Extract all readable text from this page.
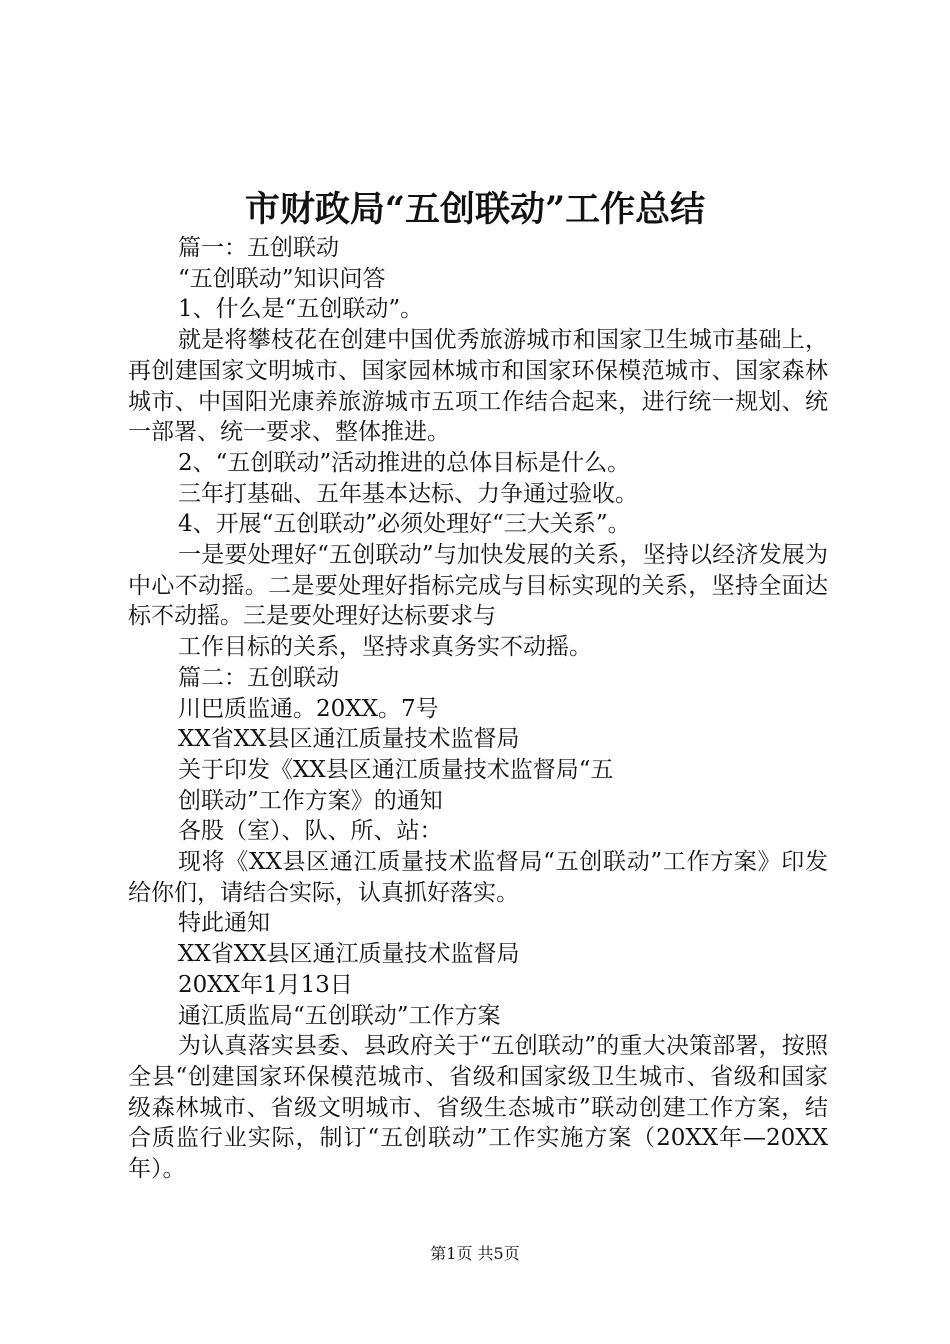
市财政局“五创联动”工作总结

篇一：五创联动

“五创联动”知识问答

1、什么是“五创联动”。

就是将攀枝花在创建中国优秀旅游城市和国家卫生城市基础上，再创建国家文明城市、国家园林城市和国家环保模范城市、国家森林城市、中国阳光康养旅游城市五项工作结合起来，进行统一规划、统一部署、统一要求、整体推进。

2、“五创联动”活动推进的总体目标是什么。

三年打基础、五年基本达标、力争通过验收。

4、开展“五创联动”必须处理好“三大关系”。

一是要处理好“五创联动”与加快发展的关系，坚持以经济发展为中心不动摇。二是要处理好指标完成与目标实现的关系，坚持全面达标不动摇。三是要处理好达标要求与

工作目标的关系，坚持求真务实不动摇。

篇二：五创联动

川巴质监通。20XX。7号

XX省XX县区通江质量技术监督局

关于印发《XX县区通江质量技术监督局“五

创联动”工作方案》的通知

各股（室）、队、所、站：

现将《XX县区通江质量技术监督局“五创联动”工作方案》印发给你们，请结合实际，认真抓好落实。

特此通知

XX省XX县区通江质量技术监督局

20XX年1月13日

通江质监局“五创联动”工作方案

为认真落实县委、县政府关于“五创联动”的重大决策部署，按照全县“创建国家环保模范城市、省级和国家级卫生城市、省级和国家级森林城市、省级文明城市、省级生态城市”联动创建工作方案，结合质监行业实际，制订“五创联动”工作实施方案（20XX年—20XX年）。

第1页 共5页
